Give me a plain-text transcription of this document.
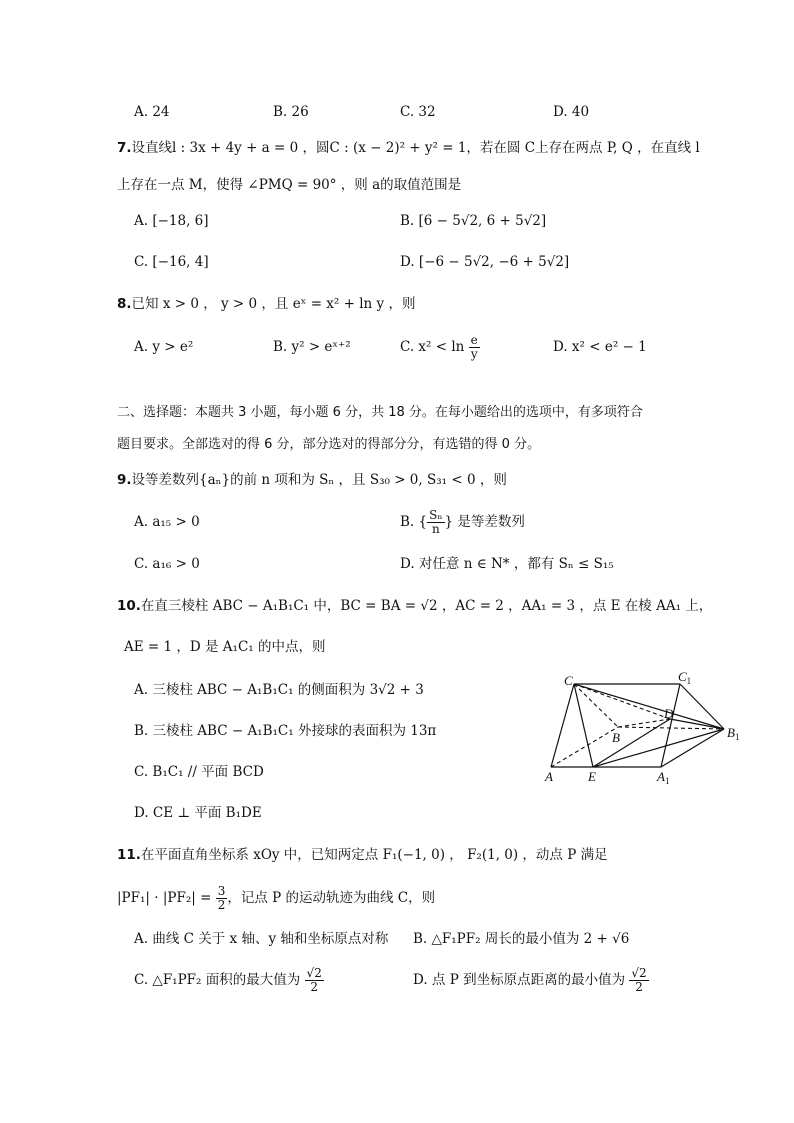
A. 24	B. 26	C. 32	D. 40
7.设直线l : 3x + 4y + a = 0 ，圆C : (x − 2)² + y² = 1，若在圆 C上存在两点 P, Q ，在直线 l
上存在一点 M，使得 ∠PMQ = 90° ，则 a的取值范围是
A. [−18, 6]	B. [6 − 5√2, 6 + 5√2]
C. [−16, 4]	D. [−6 − 5√2, −6 + 5√2]
8.已知 x > 0 ， y > 0 ，且 eˣ = x² + ln y ，则
A. y > e²	B. y² > eˣ⁺²	C. $x^2 < \ln \frac{e}{y}$	D. x² < e² − 1
二、选择题：本题共 3 小题，每小题 6 分，共 18 分。在每小题给出的选项中，有多项符合
题目要求。全部选对的得 6 分，部分选对的得部分分，有选错的得 0 分。
9.设等差数列{aₙ}的前 n 项和为 Sₙ ，且 S₃₀ > 0, S₃₁ < 0 ，则
A. a₁₅ > 0	B. { $\frac{\text{Sₙ}}{n}$ } 是等差数列
C. a₁₆ > 0	D. 对任意 n ∈ N* ，都有 Sₙ ≤ S₁₅
10.在直三棱柱 ABC − A₁B₁C₁ 中，BC = BA = √2 ，AC = 2 ，AA₁ = 3 ，点 E 在棱 AA₁ 上，
AE = 1 ，D 是 A₁C₁ 的中点，则
A. 三棱柱 ABC − A₁B₁C₁ 的侧面积为 3√2 + 3
B. 三棱柱 ABC − A₁B₁C₁ 外接球的表面积为 13π
C. B₁C₁ // 平面 BCD
D. CE ⊥ 平面 B₁DE
C	$C_1$
D
B	$B_1$
A	E	$A_1$
11.在平面直角坐标系 xOy 中，已知两定点 F₁(−1, 0) ， F₂(1, 0) ，动点 P 满足
$|PF_1| \cdot |PF_2| = \frac{3}{2}$ ，记点 P 的运动轨迹为曲线 C，则
A. 曲线 C 关于 x 轴、y 轴和坐标原点对称 B. △F₁PF₂ 周长的最小值为 2 + √6
C. △F₁PF₂ 面积的最大值为 $\frac{√2}{2}$	D. 点 P 到坐标原点距离的最小值为 $\frac{√2}{2}$
